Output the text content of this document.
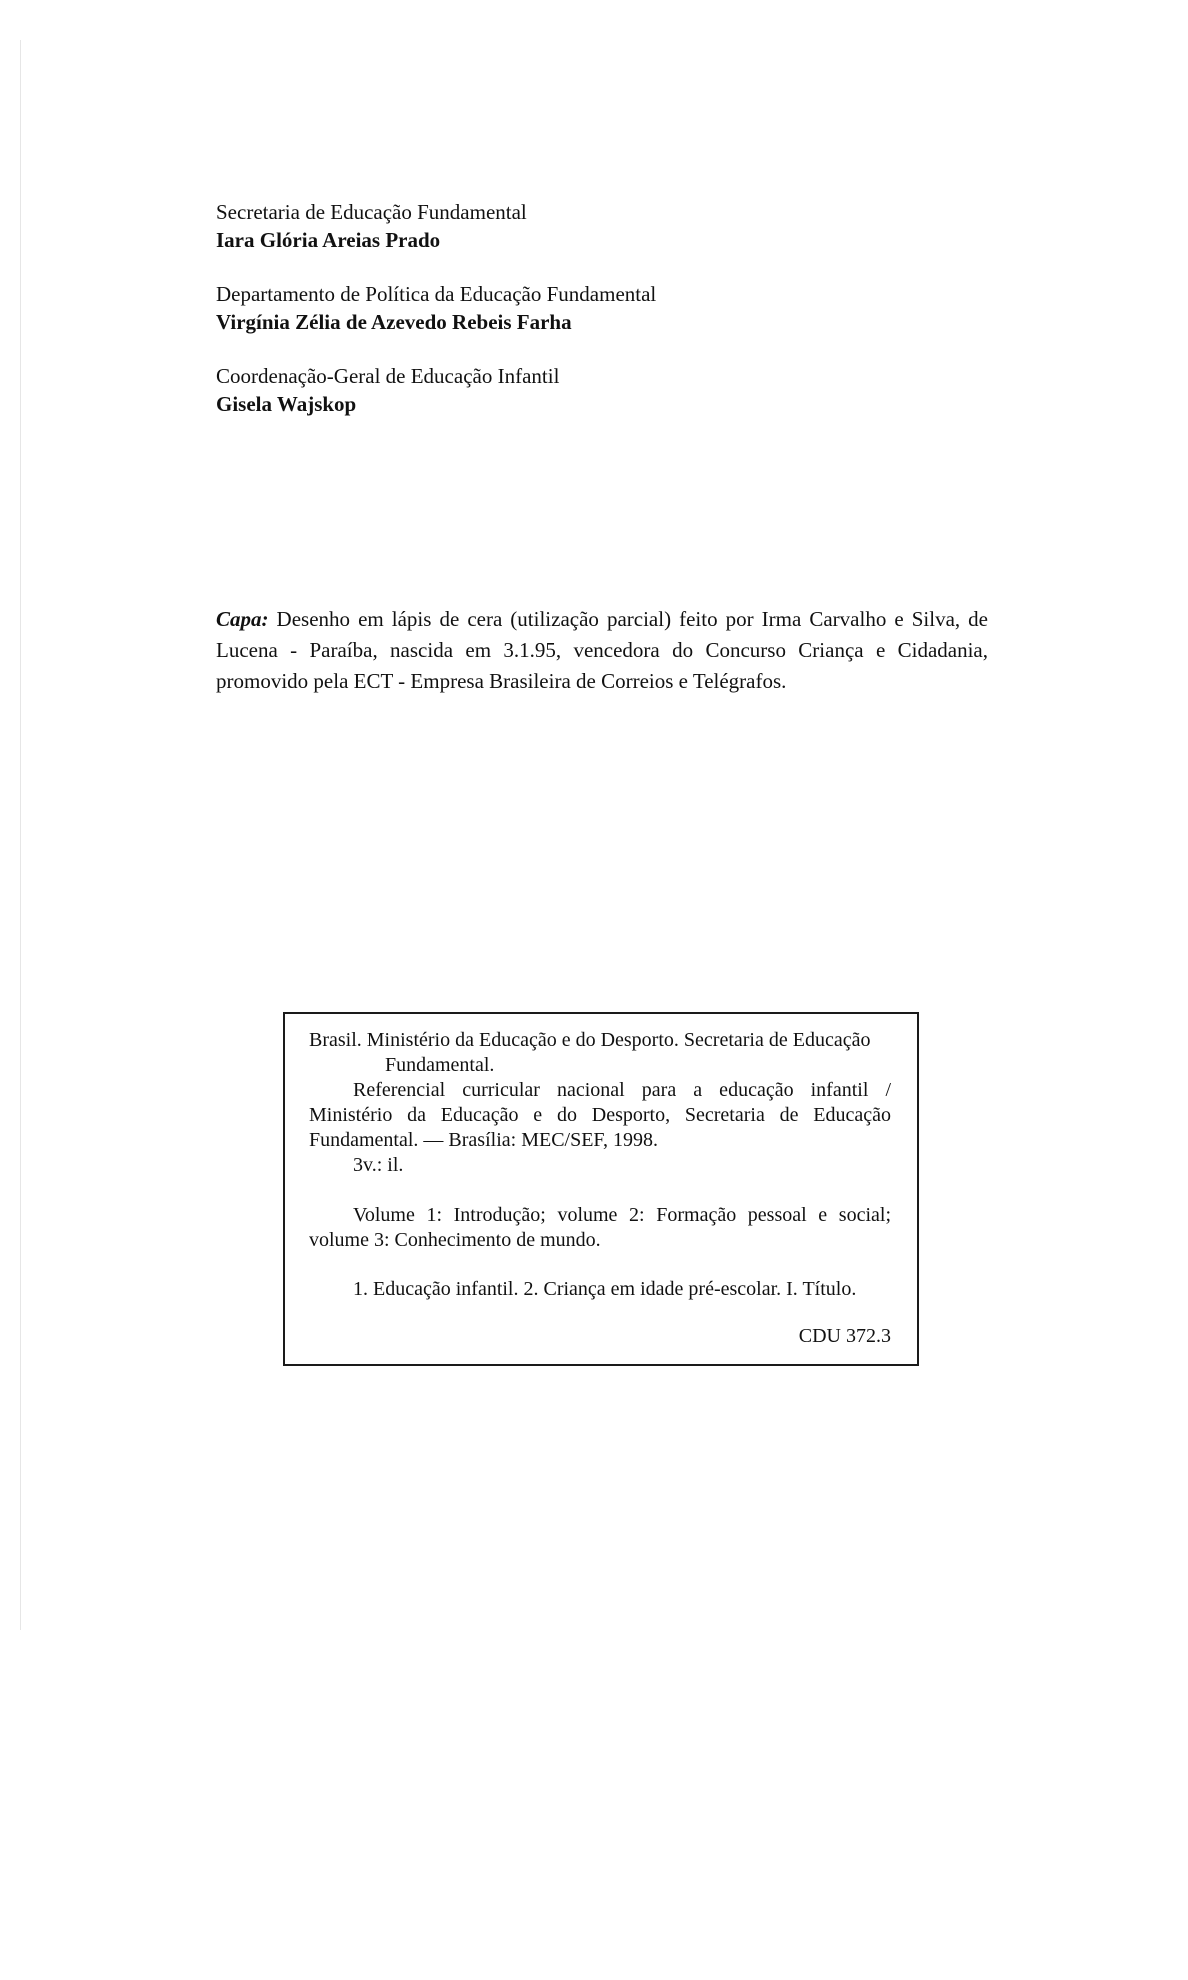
Secretaria de Educação Fundamental
Iara Glória Areias Prado
Departamento de Política da Educação Fundamental
Virgínia Zélia de Azevedo Rebeis Farha
Coordenação-Geral de Educação Infantil
Gisela Wajskop

Capa: Desenho em lápis de cera (utilização parcial) feito por Irma Carvalho e Silva, de Lucena - Paraíba, nascida em 3.1.95, vencedora do Concurso Criança e Cidadania, promovido pela ECT - Empresa Brasileira de Correios e Telégrafos.

Brasil. Ministério da Educação e do Desporto. Secretaria de Educação

Fundamental.

Referencial curricular nacional para a educação infantil / Ministério da Educação e do Desporto, Secretaria de Educação Fundamental. — Brasília: MEC/SEF, 1998.

3v.: il.

Volume 1: Introdução; volume 2: Formação pessoal e social; volume 3: Conhecimento de mundo.

1. Educação infantil. 2. Criança em idade pré-escolar. I. Título.

CDU 372.3
